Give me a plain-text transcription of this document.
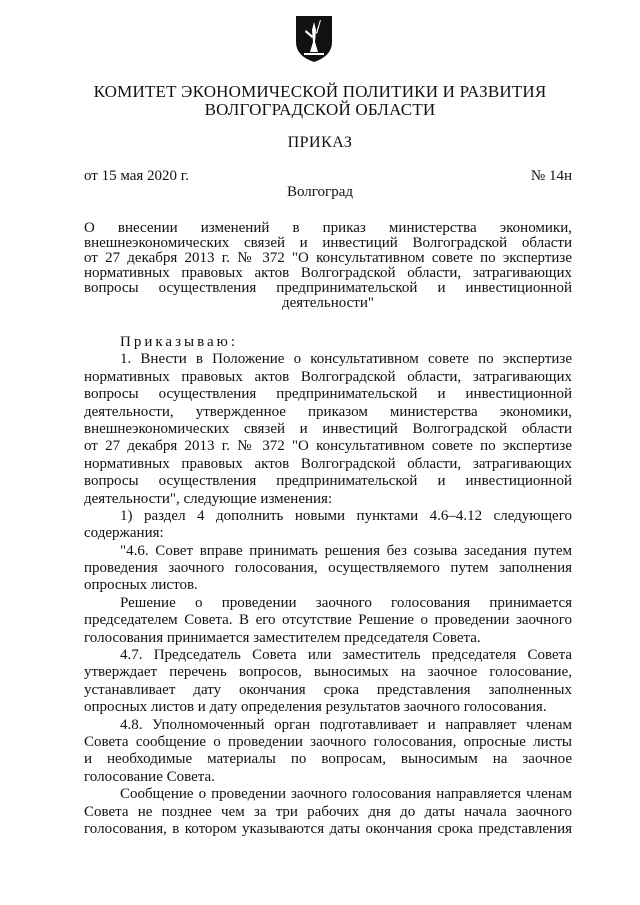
КОМИТЕТ ЭКОНОМИЧЕСКОЙ ПОЛИТИКИ И РАЗВИТИЯ
ВОЛГОГРАДСКОЙ ОБЛАСТИ
ПРИКАЗ
от 15 мая 2020 г.	№ 14н
Волгоград
О внесении изменений в приказ министерства экономики,
внешнеэкономических связей и инвестиций Волгоградской области
от 27 декабря 2013 г. № 372 "О консультативном совете по экспертизе
нормативных правовых актов Волгоградской области, затрагивающих
вопросы осуществления предпринимательской и инвестиционной
деятельности"
Приказываю:
1. Внести в Положение о консультативном совете по экспертизе
нормативных правовых актов Волгоградской области, затрагивающих
вопросы осуществления предпринимательской и инвестиционной
деятельности, утвержденное приказом министерства экономики,
внешнеэкономических связей и инвестиций Волгоградской области
от 27 декабря 2013 г. № 372 "О консультативном совете по экспертизе
нормативных правовых актов Волгоградской области, затрагивающих
вопросы осуществления предпринимательской и инвестиционной
деятельности", следующие изменения:
1) раздел 4 дополнить новыми пунктами 4.6–4.12 следующего
содержания:
"4.6. Совет вправе принимать решения без созыва заседания путем
проведения заочного голосования, осуществляемого путем заполнения
опросных листов.
Решение о проведении заочного голосования принимается
председателем Совета. В его отсутствие Решение о проведении заочного
голосования принимается заместителем председателя Совета.
4.7. Председатель Совета или заместитель председателя Совета
утверждает перечень вопросов, выносимых на заочное голосование,
устанавливает дату окончания срока представления заполненных
опросных листов и дату определения результатов заочного голосования.
4.8. Уполномоченный орган подготавливает и направляет членам
Совета сообщение о проведении заочного голосования, опросные листы
и необходимые материалы по вопросам, выносимым на заочное
голосование Совета.
Сообщение о проведении заочного голосования направляется членам
Совета не позднее чем за три рабочих дня до даты начала заочного
голосования, в котором указываются даты окончания срока представления
